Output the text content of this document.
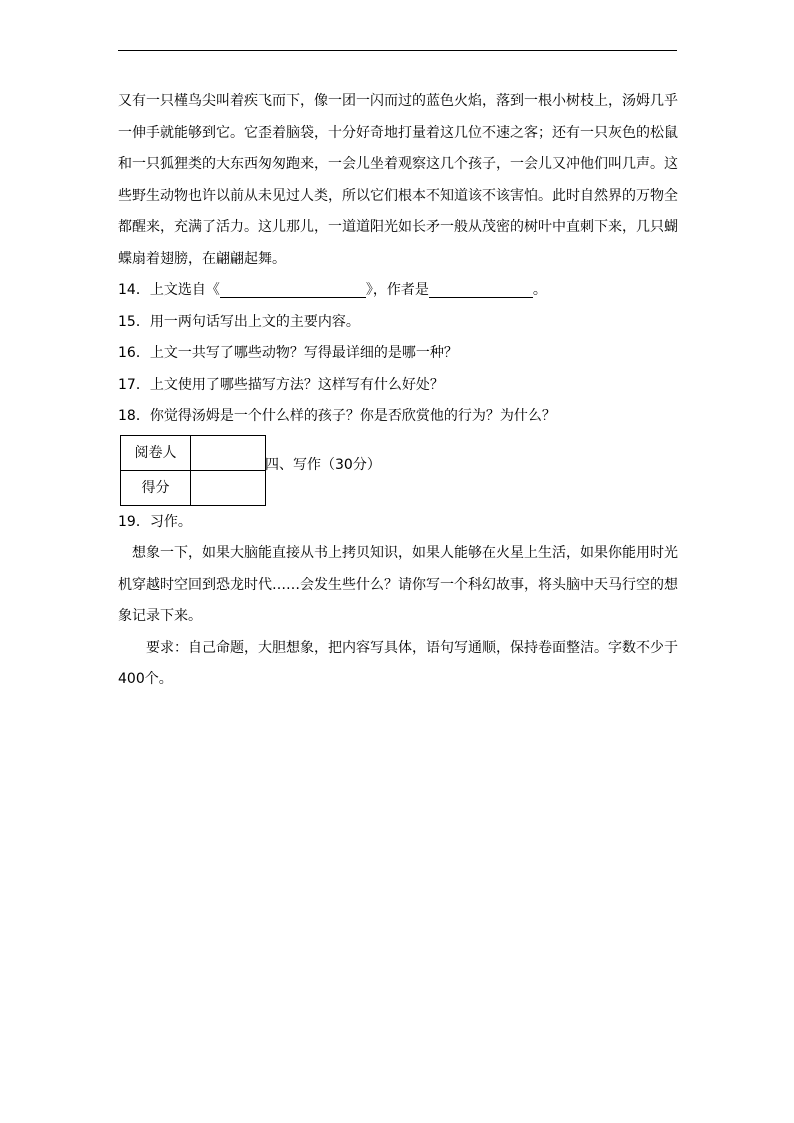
又有一只槿鸟尖叫着疾飞而下，像一团一闪而过的蓝色火焰，落到一根小树枝上，汤姆几乎一伸手就能够到它。它歪着脑袋，十分好奇地打量着这几位不速之客；还有一只灰色的松鼠和一只狐狸类的大东西匆匆跑来，一会儿坐着观察这几个孩子，一会儿又冲他们叫几声。这些野生动物也许以前从未见过人类，所以它们根本不知道该不该害怕。此时自然界的万物全都醒来，充满了活力。这儿那儿，一道道阳光如长矛一般从茂密的树叶中直刺下来，几只蝴蝶扇着翅膀，在翩翩起舞。

14．上文选自《	》，作者是	。

15．用一两句话写出上文的主要内容。

16．上文一共写了哪些动物？写得最详细的是哪一种？

17．上文使用了哪些描写方法？这样写有什么好处？

18．你觉得汤姆是一个什么样的孩子？你是否欣赏他的行为？为什么？

阅卷人	
得分	
四、写作（30分）

19．习作。

想象一下，如果大脑能直接从书上拷贝知识，如果人能够在火星上生活，如果你能用时光机穿越时空回到恐龙时代……会发生些什么？请你写一个科幻故事，将头脑中天马行空的想象记录下来。

要求：自己命题，大胆想象，把内容写具体，语句写通顺，保持卷面整洁。字数不少于400个。
